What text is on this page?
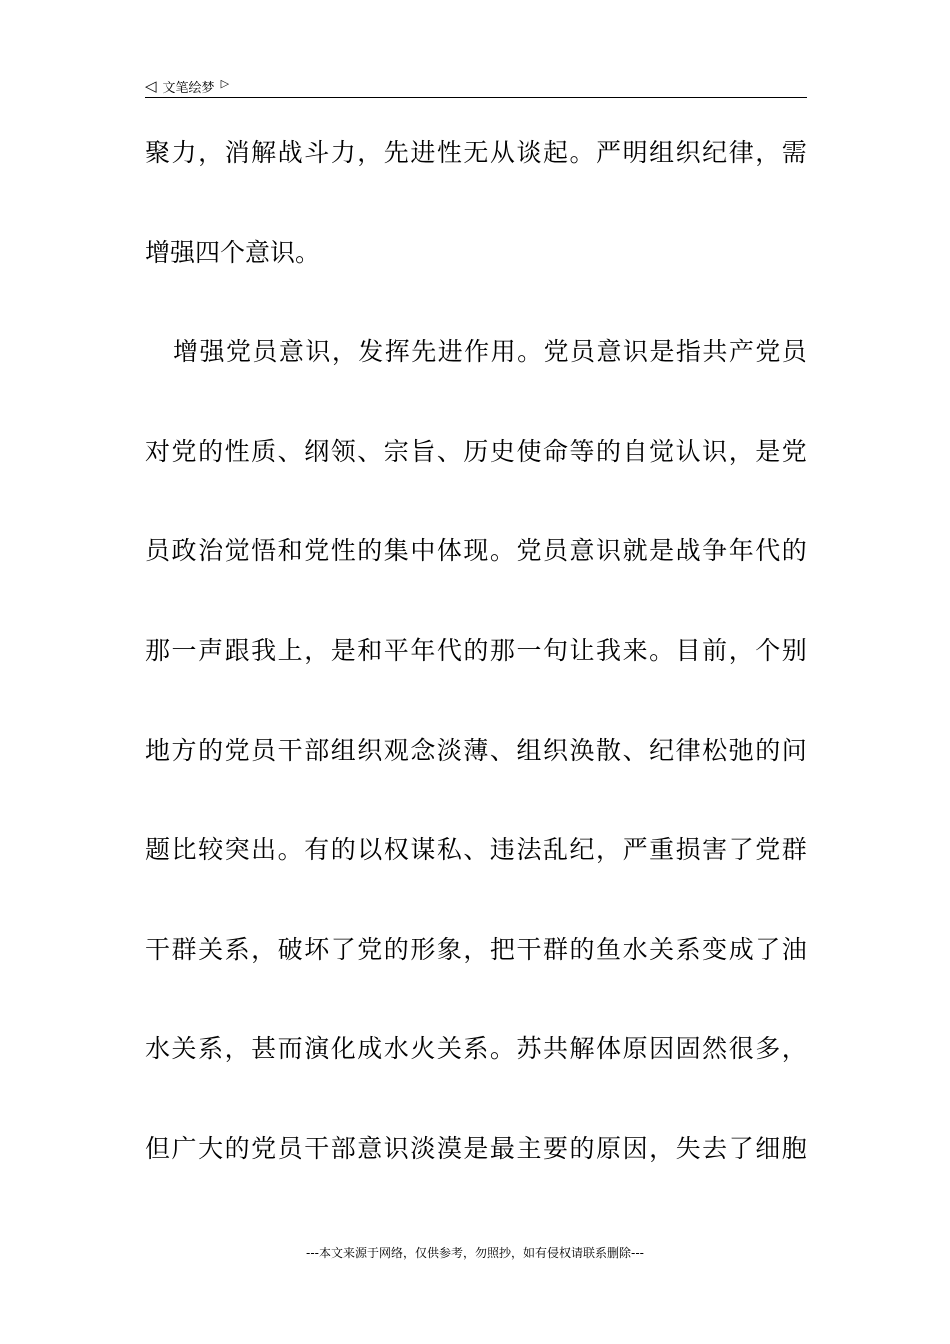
◁ 文笔绘梦 ▷
聚 力 ， 消 解 战 斗 力 ， 先 进 性 无 从 谈 起 。 严 明 组 织 纪 律 ， 需
增强四个意识。
增 强 党 员 意 识 ， 发 挥 先 进 作 用 。 党 员 意 识 是 指 共 产 党 员
对 党 的 性 质 、 纲 领 、 宗 旨 、 历 史 使 命 等 的 自 觉 认 识 ， 是 党
员 政 治 觉 悟 和 党 性 的 集 中 体 现 。 党 员 意 识 就 是 战 争 年 代 的
那 一 声 跟 我 上 ， 是 和 平 年 代 的 那 一 句 让 我 来 。 目 前 ， 个 别
地 方 的 党 员 干 部 组 织 观 念 淡 薄 、 组 织 涣 散 、 纪 律 松 弛 的 问
题 比 较 突 出 。 有 的 以 权 谋 私 、 违 法 乱 纪 ， 严 重 损 害 了 党 群
干 群 关 系 ， 破 坏 了 党 的 形 象 ， 把 干 群 的 鱼 水 关 系 变 成 了 油
水 关 系 ， 甚 而 演 化 成 水 火 关 系 。 苏 共 解 体 原 因 固 然 很 多 ，
但 广 大 的 党 员 干 部 意 识 淡 漠 是 最 主 要 的 原 因 ， 失 去 了 细 胞
---本文来源于网络，仅供参考，勿照抄，如有侵权请联系删除---
